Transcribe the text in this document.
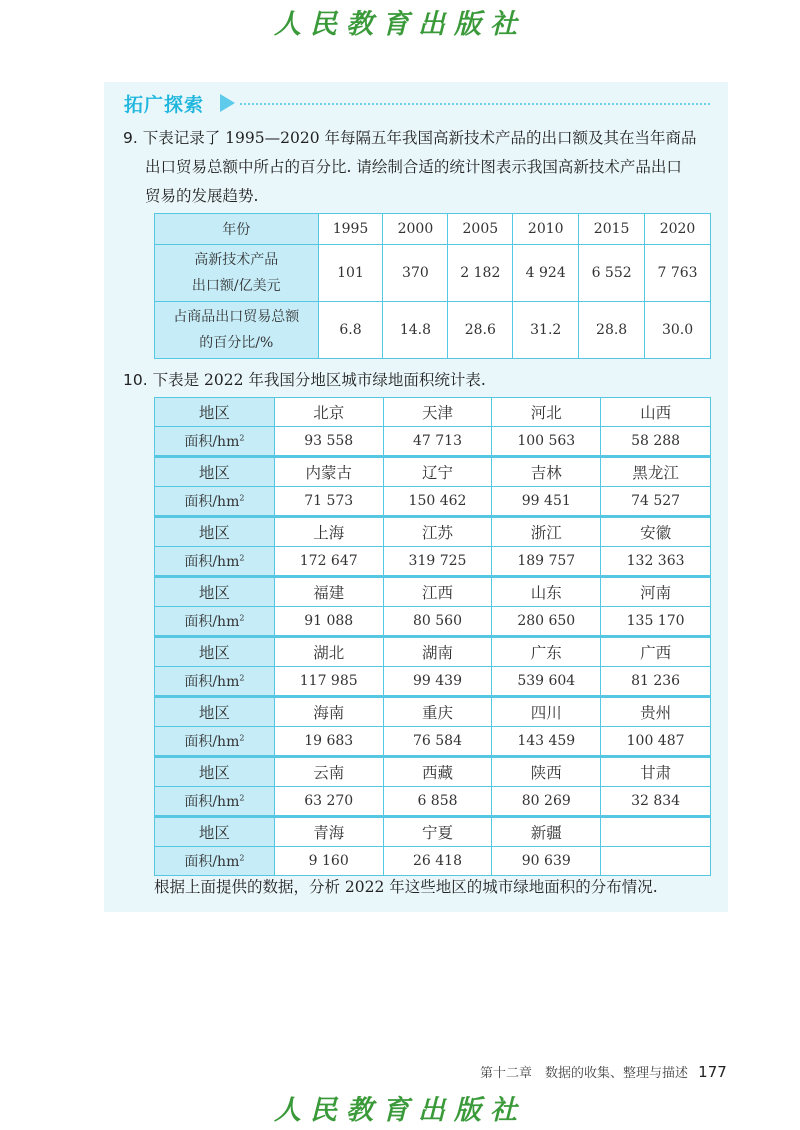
人民教育出版社
拓广探索
9. 下表记录了 1995—2020 年每隔五年我国高新技术产品的出口额及其在当年商品
出口贸易总额中所占的百分比. 请绘制合适的统计图表示我国高新技术产品出口
贸易的发展趋势.
年份	1995	2000	2005	2010	2015	2020

高新技术产品
出口额/亿美元	101	370	2 182	4 924	6 552	7 763

占商品出口贸易总额
的百分比/%	6.8	14.8	28.6	31.2	28.8	30.0
10. 下表是 2022 年我国分地区城市绿地面积统计表.
地区	北京	天津	河北	山西
面积$/hm^2$	93 558	47 713	100 563	58 288
地区	内蒙古	辽宁	吉林	黑龙江
面积$/hm^2$	71 573	150 462	99 451	74 527
地区	上海	江苏	浙江	安徽
面积$/hm^2$	172 647	319 725	189 757	132 363
地区	福建	江西	山东	河南
面积$/hm^2$	91 088	80 560	280 650	135 170
地区	湖北	湖南	广东	广西
面积$/hm^2$	117 985	99 439	539 604	81 236
地区	海南	重庆	四川	贵州
面积$/hm^2$	19 683	76 584	143 459	100 487
地区	云南	西藏	陕西	甘肃
面积$/hm^2$	63 270	6 858	80 269	32 834
地区	青海	宁夏	新疆	
面积$/hm^2$	9 160	26 418	90 639	
根据上面提供的数据，分析 2022 年这些地区的城市绿地面积的分布情况.
第十二章　数据的收集、整理与描述 177
人民教育出版社
